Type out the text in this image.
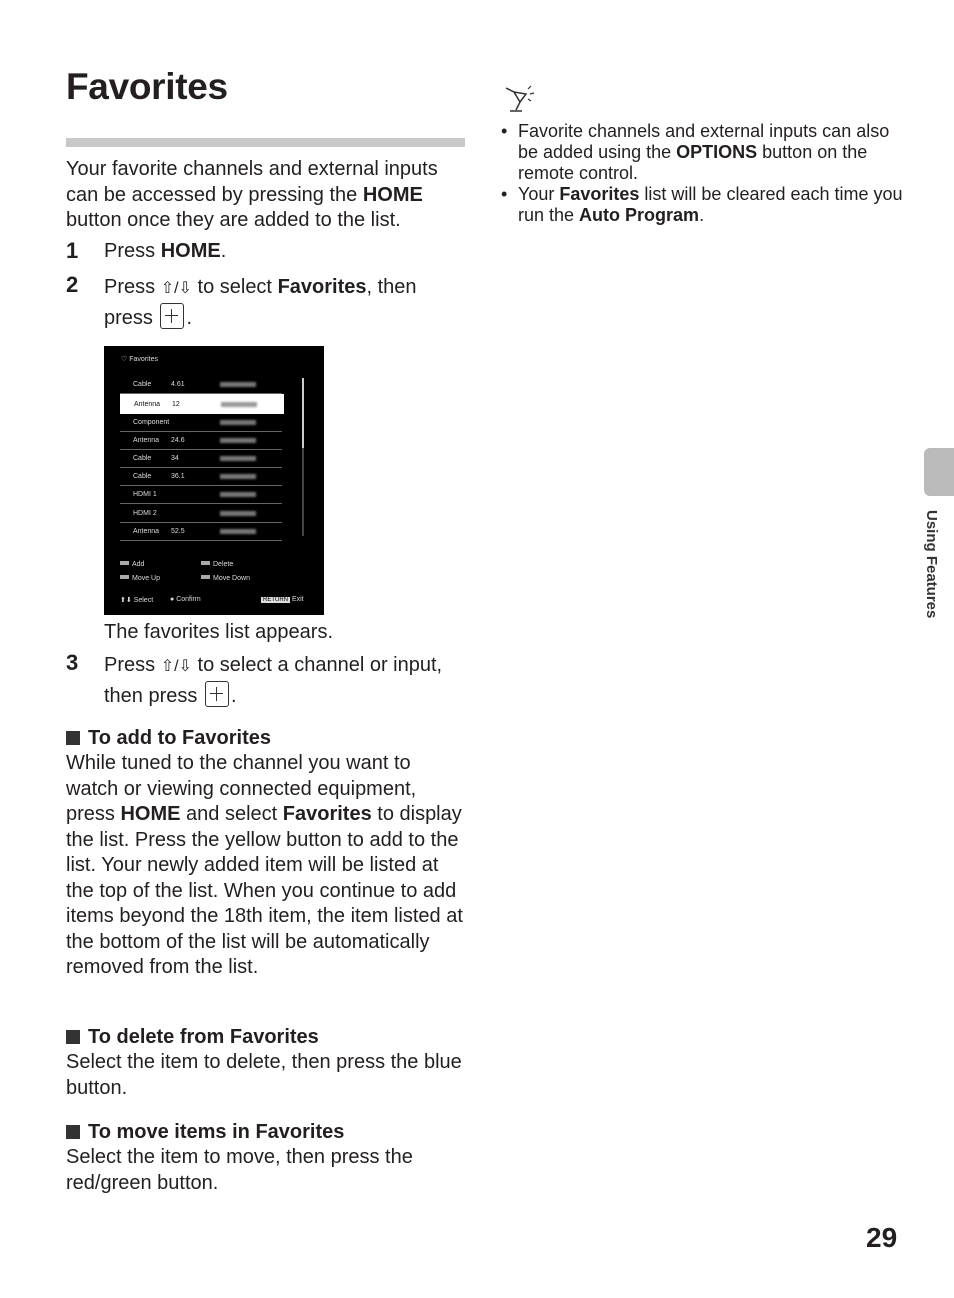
Favorites
Your favorite channels and external inputs can be accessed by pressing the HOME button once they are added to the list.
1 Press HOME.
2 Press ⇧/⇩ to select Favorites, then press .
♡ Favorites
Cable	4.61
Antenna 12
Component
Antenna 24.6
Cable	34
Cable	36.1
HDMI 1
HDMI 2
Antenna 52.5
Add	Delete
Move Up	Move Down
⬆⬇ Select ● Confirm	RETURN Exit
The favorites list appears.
3 Press ⇧/⇩ to select a channel or input, then press .
To add to Favorites
While tuned to the channel you want to watch or viewing connected equipment, press HOME and select Favorites to display the list. Press the yellow button to add to the list. Your newly added item will be listed at the top of the list. When you continue to add items beyond the 18th item, the item listed at the bottom of the list will be automatically removed from the list.
To delete from Favorites
Select the item to delete, then press the blue button.
To move items in Favorites
Select the item to move, then press the red/green button.
• Favorite channels and external inputs can also be added using the OPTIONS button on the remote control.
• Your Favorites list will be cleared each time you run the Auto Program.
Using Features
29
